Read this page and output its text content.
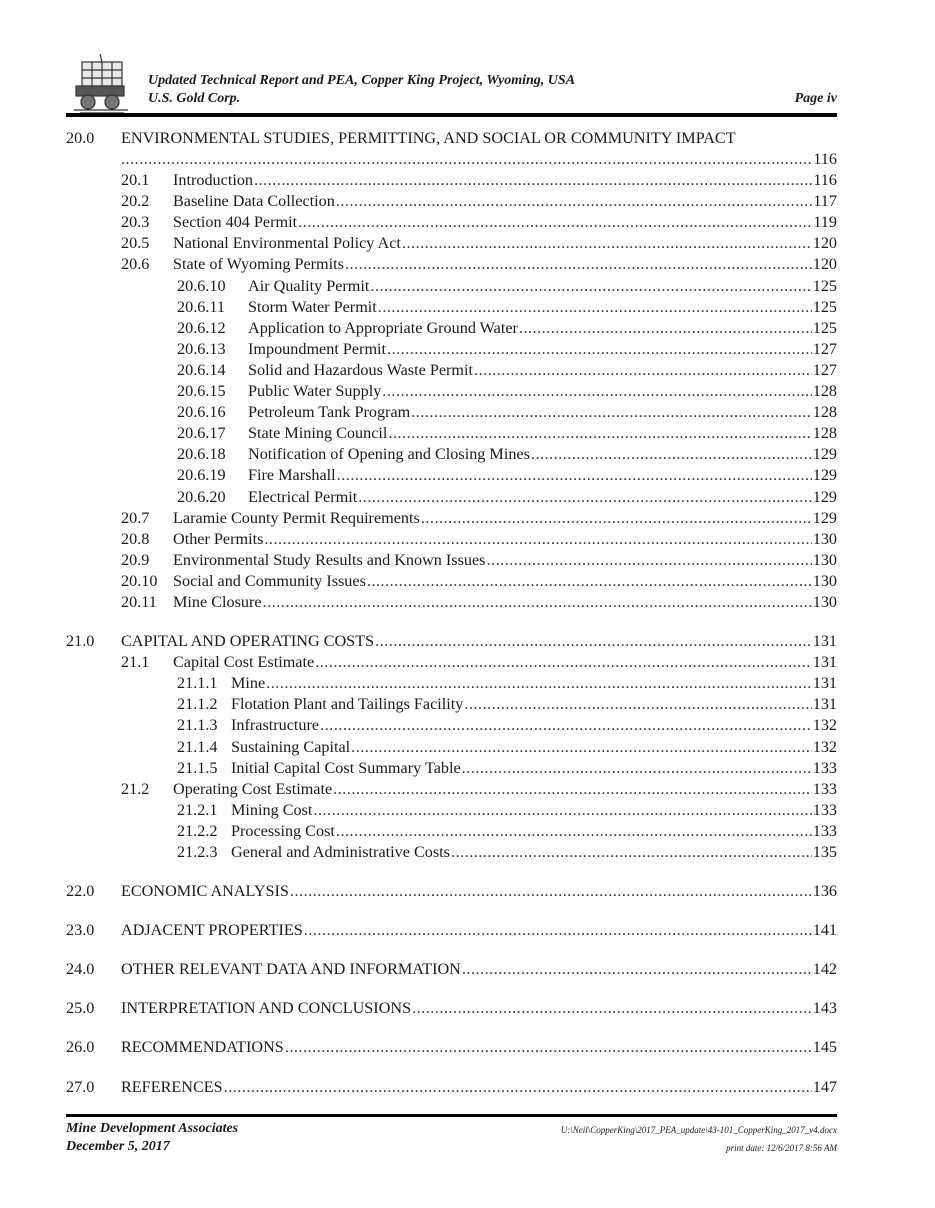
Updated Technical Report and PEA, Copper King Project, Wyoming, USA
U.S. Gold Corp.	Page iv
20.0 ENVIRONMENTAL STUDIES, PERMITTING, AND SOCIAL OR COMMUNITY IMPACT
.....
116
20.1 Introduction .....	116
20.2 Baseline Data Collection .....	117
20.3 Section 404 Permit .....	119
20.5 National Environmental Policy Act .....	120
20.6 State of Wyoming Permits .....	120
20.6.10 Air Quality Permit .....	125
20.6.11 Storm Water Permit .....	125
20.6.12 Application to Appropriate Ground Water .....	125
20.6.13 Impoundment Permit .....	127
20.6.14 Solid and Hazardous Waste Permit .....	127
20.6.15 Public Water Supply .....	128
20.6.16 Petroleum Tank Program .....	128
20.6.17 State Mining Council .....	128
20.6.18 Notification of Opening and Closing Mines .....	129
20.6.19 Fire Marshall .....	129
20.6.20 Electrical Permit .....	129
20.7 Laramie County Permit Requirements .....	129
20.8 Other Permits .....	130
20.9 Environmental Study Results and Known Issues .....	130
20.10 Social and Community Issues .....	130
20.11 Mine Closure .....	130
21.0 CAPITAL AND OPERATING COSTS .....	131
21.1 Capital Cost Estimate .....	131
21.1.1 Mine .....	131
21.1.2 Flotation Plant and Tailings Facility .....	131
21.1.3 Infrastructure .....	132
21.1.4 Sustaining Capital .....	132
21.1.5 Initial Capital Cost Summary Table .....	133
21.2 Operating Cost Estimate .....	133
21.2.1 Mining Cost .....	133
21.2.2 Processing Cost .....	133
21.2.3 General and Administrative Costs .....	135
22.0 ECONOMIC ANALYSIS .....	136
23.0 ADJACENT PROPERTIES .....	141
24.0 OTHER RELEVANT DATA AND INFORMATION .....	142
25.0 INTERPRETATION AND CONCLUSIONS .....	143
26.0 RECOMMENDATIONS .....	145
27.0 REFERENCES .....	147
Mine Development Associates
December 5, 2017
U:\Neil\CopperKing\2017_PEA_update\43-101_CopperKing_2017_v4.docx
print date: 12/6/2017 8:56 AM
